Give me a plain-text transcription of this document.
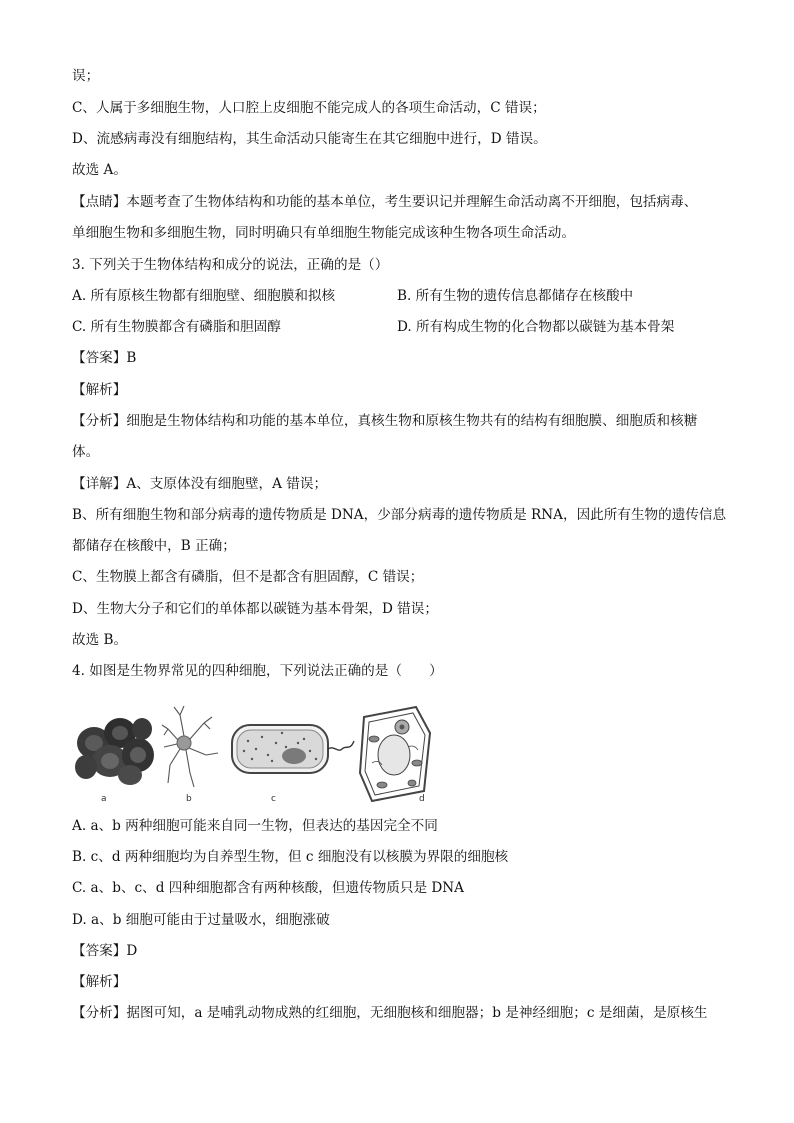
误；
C、人属于多细胞生物，人口腔上皮细胞不能完成人的各项生命活动，C 错误；
D、流感病毒没有细胞结构，其生命活动只能寄生在其它细胞中进行，D 错误。
故选 A。
【点睛】本题考查了生物体结构和功能的基本单位，考生要识记并理解生命活动离不开细胞，包括病毒、
单细胞生物和多细胞生物，同时明确只有单细胞生物能完成该种生物各项生命活动。
3. 下列关于生物体结构和成分的说法，正确的是（）
A. 所有原核生物都有细胞壁、细胞膜和拟核	B. 所有生物的遗传信息都储存在核酸中
C. 所有生物膜都含有磷脂和胆固醇	D. 所有构成生物的化合物都以碳链为基本骨架
【答案】B
【解析】
【分析】细胞是生物体结构和功能的基本单位，真核生物和原核生物共有的结构有细胞膜、细胞质和核糖
体。
【详解】A、支原体没有细胞壁，A 错误；
B、所有细胞生物和部分病毒的遗传物质是 DNA，少部分病毒的遗传物质是 RNA，因此所有生物的遗传信息
都储存在核酸中，B 正确；
C、生物膜上都含有磷脂，但不是都含有胆固醇，C 错误；
D、生物大分子和它们的单体都以碳链为基本骨架，D 错误；
故选 B。
4. 如图是生物界常见的四种细胞，下列说法正确的是（　　）
a	b	c	d
A. a、b 两种细胞可能来自同一生物，但表达的基因完全不同
B. c、d 两种细胞均为自养型生物，但 c 细胞没有以核膜为界限的细胞核
C. a、b、c、d 四种细胞都含有两种核酸，但遗传物质只是 DNA
D. a、b 细胞可能由于过量吸水，细胞涨破
【答案】D
【解析】
【分析】据图可知，a 是哺乳动物成熟的红细胞，无细胞核和细胞器；b 是神经细胞；c 是细菌，是原核生
